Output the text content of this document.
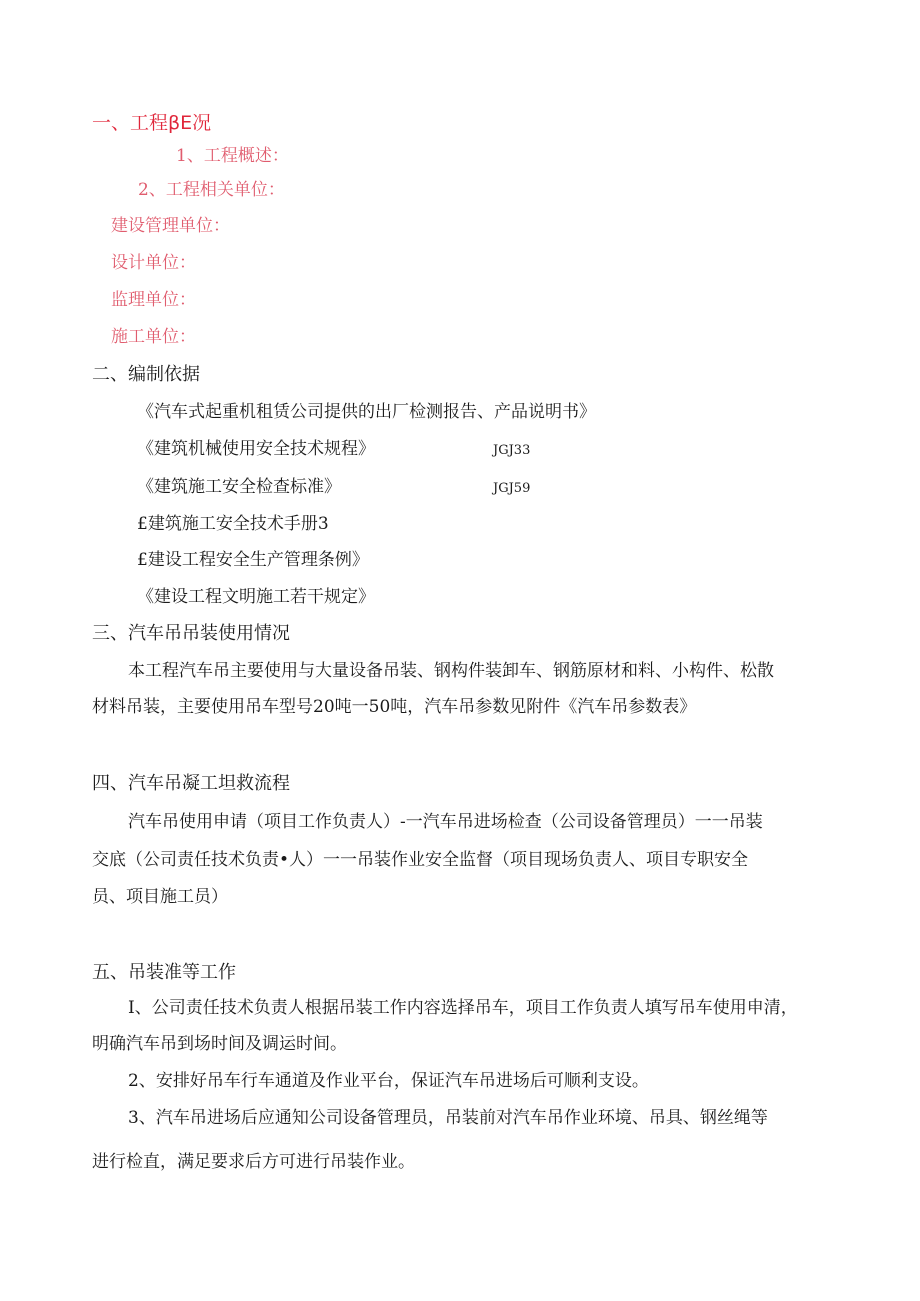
一、工程βE况
1、工程概述：
2、工程相关单位：
建设管理单位：
设计单位：
监理单位：
施工单位：
二、编制依据
《汽车式起重机租赁公司提供的出厂检测报告、产品说明书》
《建筑机械使用安全技术规程》	JGJ33
《建筑施工安全检查标准》	JGJ59
£建筑施工安全技术手册3
£建设工程安全生产管理条例》
《建设工程文明施工若干规定》
三、汽车吊吊装使用情况
本工程汽车吊主要使用与大量设备吊装、钢构件装卸车、钢筋原材和料、小构件、松散
材料吊装，主要使用吊车型号20吨一50吨，汽车吊参数见附件《汽车吊参数表》
四、汽车吊凝工坦救流程
汽车吊使用申请（项目工作负责人）-一汽车吊进场检查（公司设备管理员）一一吊装
交底（公司责任技术负责•人）一一吊装作业安全监督（项目现场负责人、项目专职安全
员、项目施工员）
五、吊装准等工作
I、公司责任技术负责人根据吊装工作内容选择吊车，项目工作负责人填写吊车使用申清，
明确汽车吊到场时间及调运时间。
2、安排好吊车行车通道及作业平台，保证汽车吊进场后可顺利支设。
3、汽车吊进场后应通知公司设备管理员，吊装前对汽车吊作业环境、吊具、钢丝绳等
进行检直，满足要求后方可进行吊装作业。
